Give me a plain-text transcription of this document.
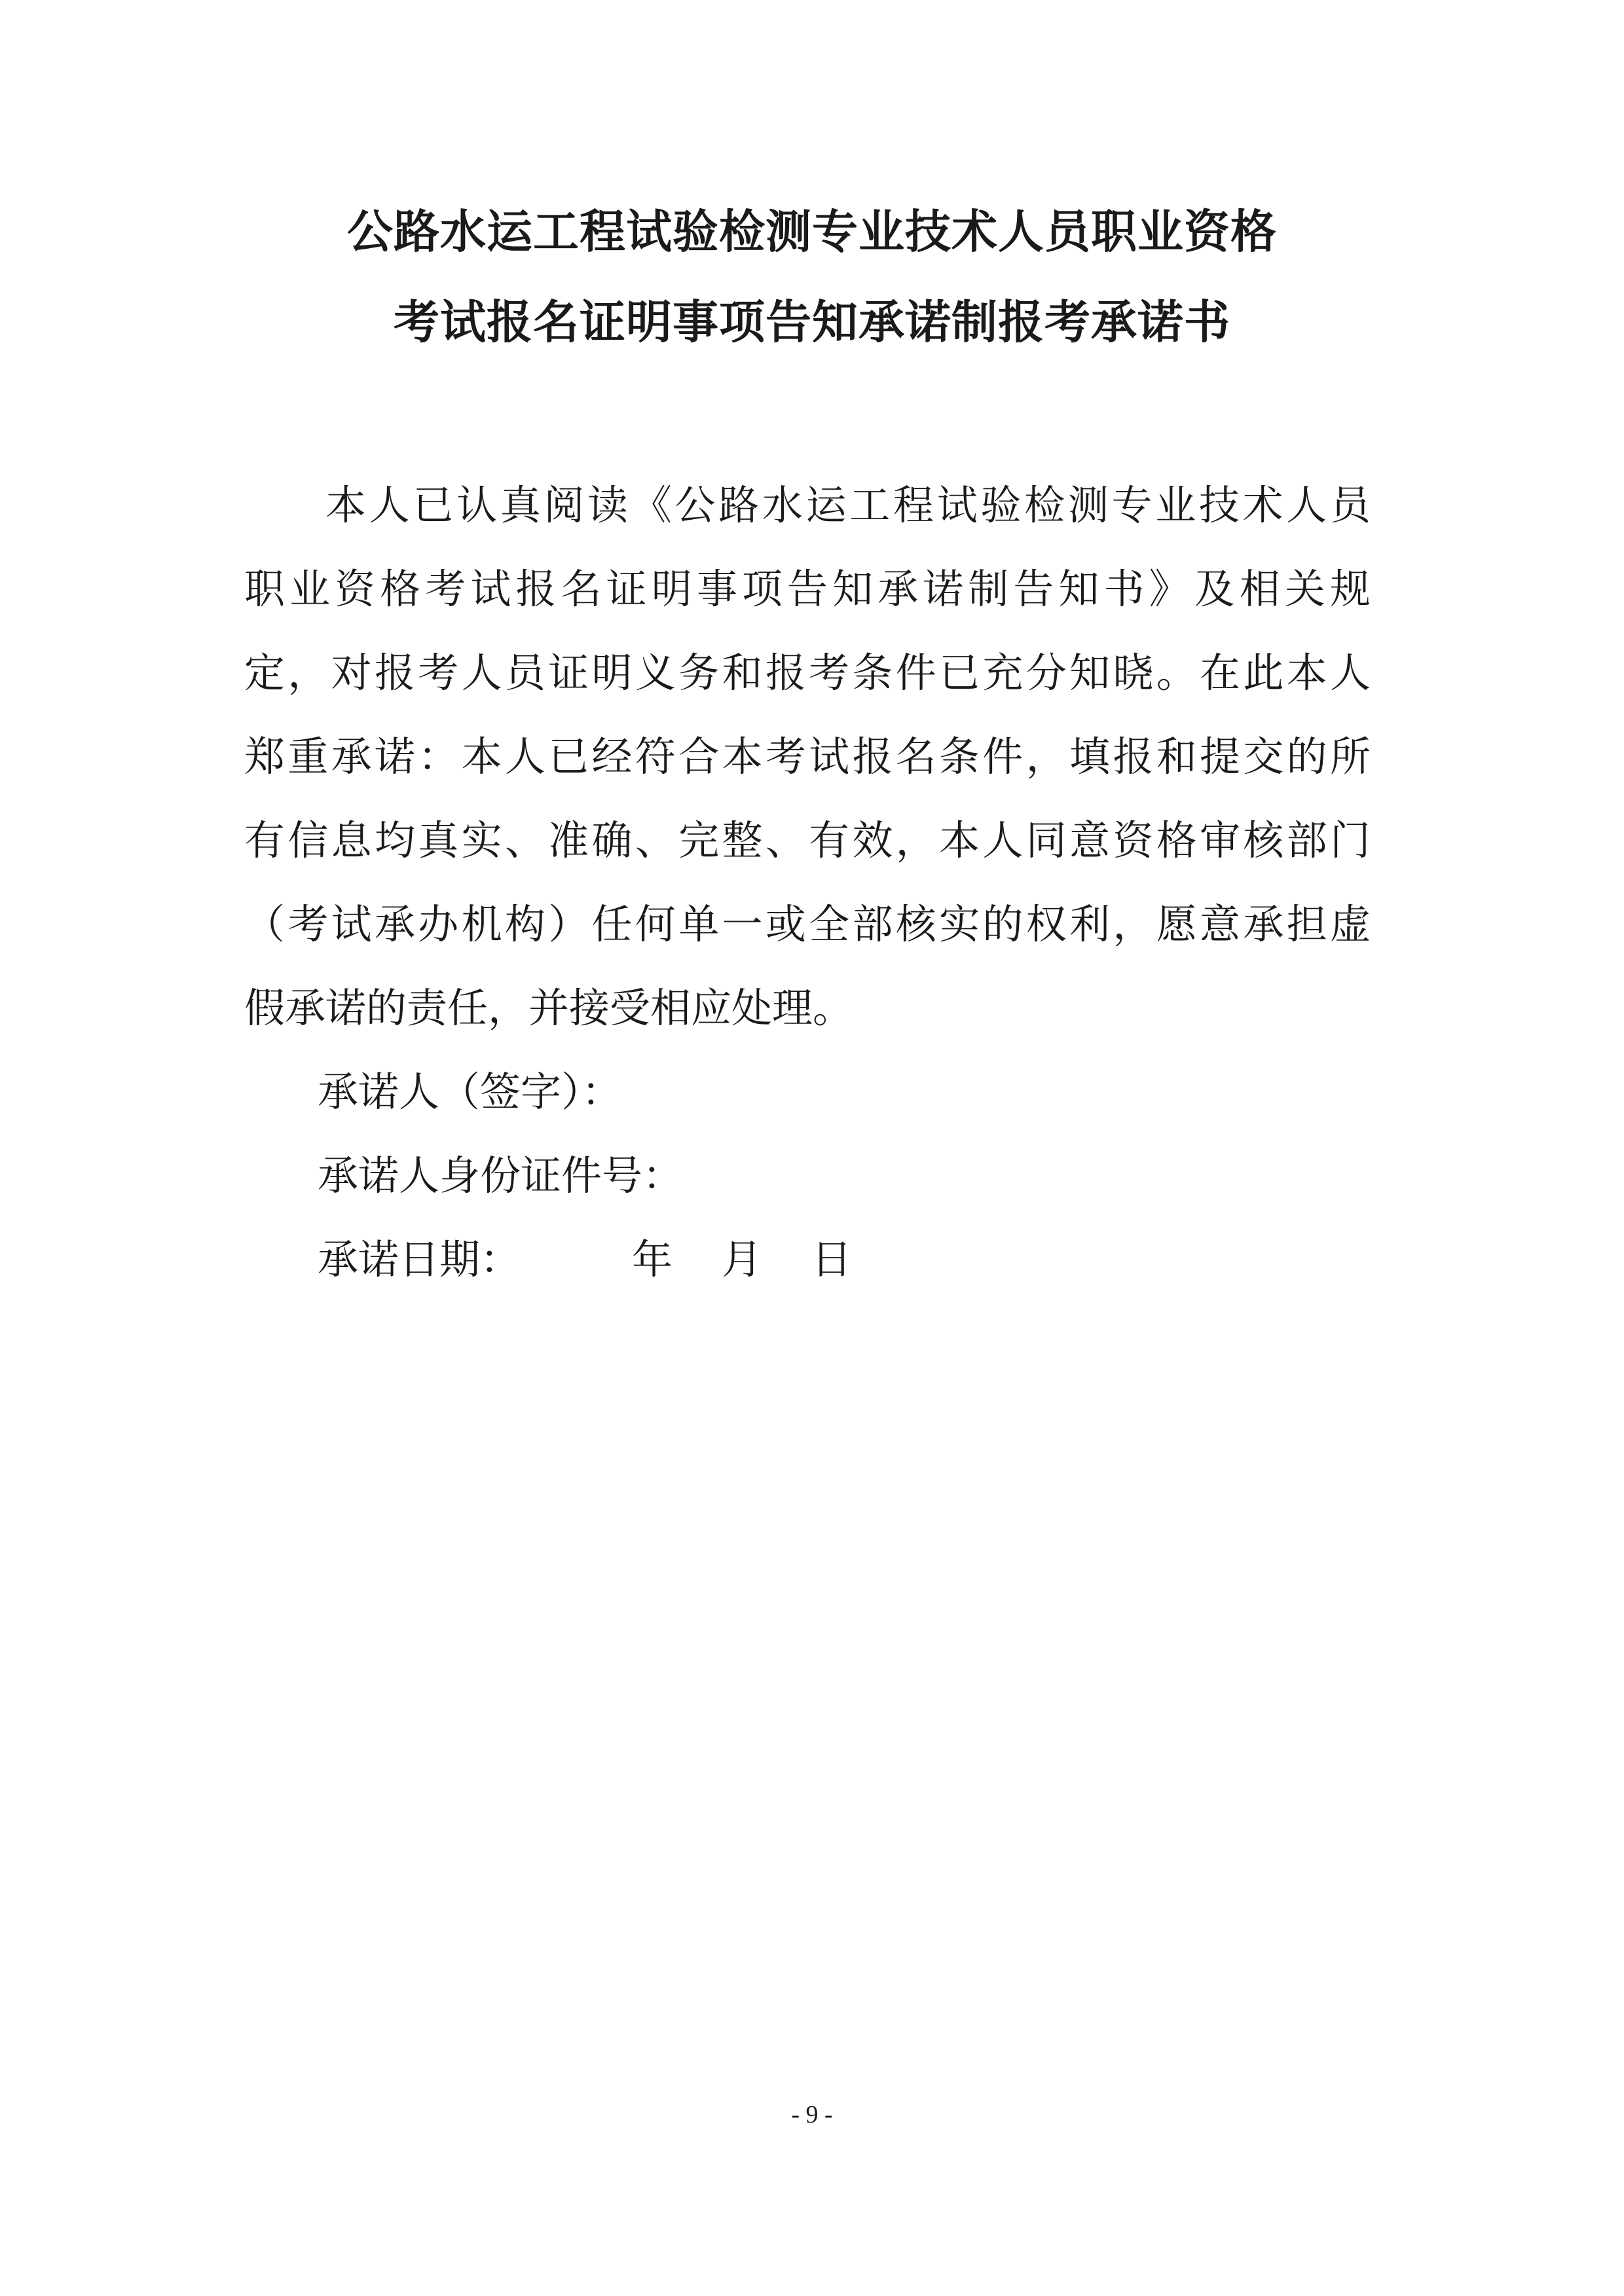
公路水运工程试验检测专业技术人员职业资格
考试报名证明事项告知承诺制报考承诺书
本人已认真阅读《公路水运工程试验检测专业技术人员
职业资格考试报名证明事项告知承诺制告知书》及相关规
定，对报考人员证明义务和报考条件已充分知晓。在此本人
郑重承诺：本人已经符合本考试报名条件，填报和提交的所
有信息均真实、准确、完整、有效，本人同意资格审核部门
（考试承办机构）任何单一或全部核实的权利，愿意承担虚
假承诺的责任，并接受相应处理。
承诺人（签字）：
承诺人身份证件号：
承诺日期：	年 月 日
- 9 -
